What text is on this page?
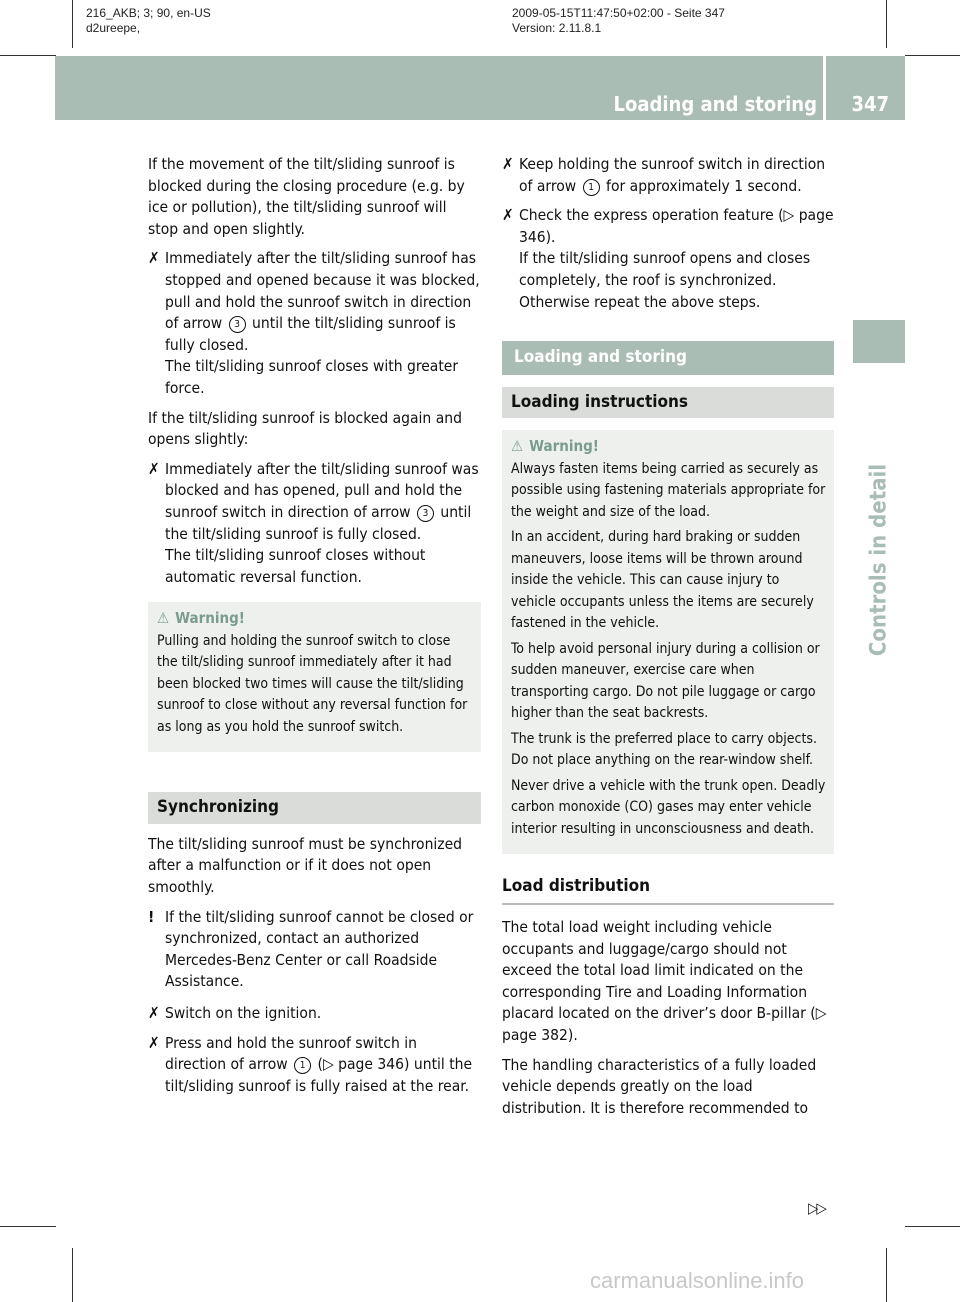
216_AKB; 3; 90, en-US
d2ureepe,
2009-05-15T11:47:50+02:00 - Seite 347
Version: 2.11.8.1
Loading and storing 347
Controls in detail

If the movement of the tilt/sliding sunroof is blocked during the closing procedure (e.g. by ice or pollution), the tilt/sliding sunroof will stop and open slightly.

✗ Immediately after the tilt/sliding sunroof has stopped and opened because it was blocked, pull and hold the sunroof switch in direction of arrow 3 until the tilt/sliding sunroof is fully closed.
The tilt/sliding sunroof closes with greater force.

If the tilt/sliding sunroof is blocked again and opens slightly:

✗ Immediately after the tilt/sliding sunroof was blocked and has opened, pull and hold the sunroof switch in direction of arrow 3 until the tilt/sliding sunroof is fully closed.
The tilt/sliding sunroof closes without automatic reversal function.
⚠ Warning!

Pulling and holding the sunroof switch to close the tilt/sliding sunroof immediately after it had been blocked two times will cause the tilt/sliding sunroof to close without any reversal function for as long as you hold the sunroof switch.

Synchronizing

The tilt/sliding sunroof must be synchronized after a malfunction or if it does not open smoothly.

! If the tilt/sliding sunroof cannot be closed or synchronized, contact an authorized Mercedes-Benz Center or call Roadside Assistance.
✗ Switch on the ignition.
✗ Press and hold the sunroof switch in direction of arrow 1 (▷ page 346) until the tilt/sliding sunroof is fully raised at the rear.
✗ Keep holding the sunroof switch in direction of arrow 1 for approximately 1 second.
✗ Check the express operation feature (▷ page 346).
If the tilt/sliding sunroof opens and closes completely, the roof is synchronized. Otherwise repeat the above steps.
Loading and storing
Loading instructions
⚠ Warning!

Always fasten items being carried as securely as possible using fastening materials appropriate for the weight and size of the load.

In an accident, during hard braking or sudden maneuvers, loose items will be thrown around inside the vehicle. This can cause injury to vehicle occupants unless the items are securely fastened in the vehicle.

To help avoid personal injury during a collision or sudden maneuver, exercise care when transporting cargo. Do not pile luggage or cargo higher than the seat backrests.

The trunk is the preferred place to carry objects. Do not place anything on the rear-window shelf.

Never drive a vehicle with the trunk open. Deadly carbon monoxide (CO) gases may enter vehicle interior resulting in unconsciousness and death.

Load distribution

The total load weight including vehicle occupants and luggage/cargo should not exceed the total load limit indicated on the corresponding Tire and Loading Information placard located on the driver’s door B-pillar (▷ page 382).

The handling characteristics of a fully loaded vehicle depends greatly on the load distribution. It is therefore recommended to

▷▷
carmanualsonline.info
